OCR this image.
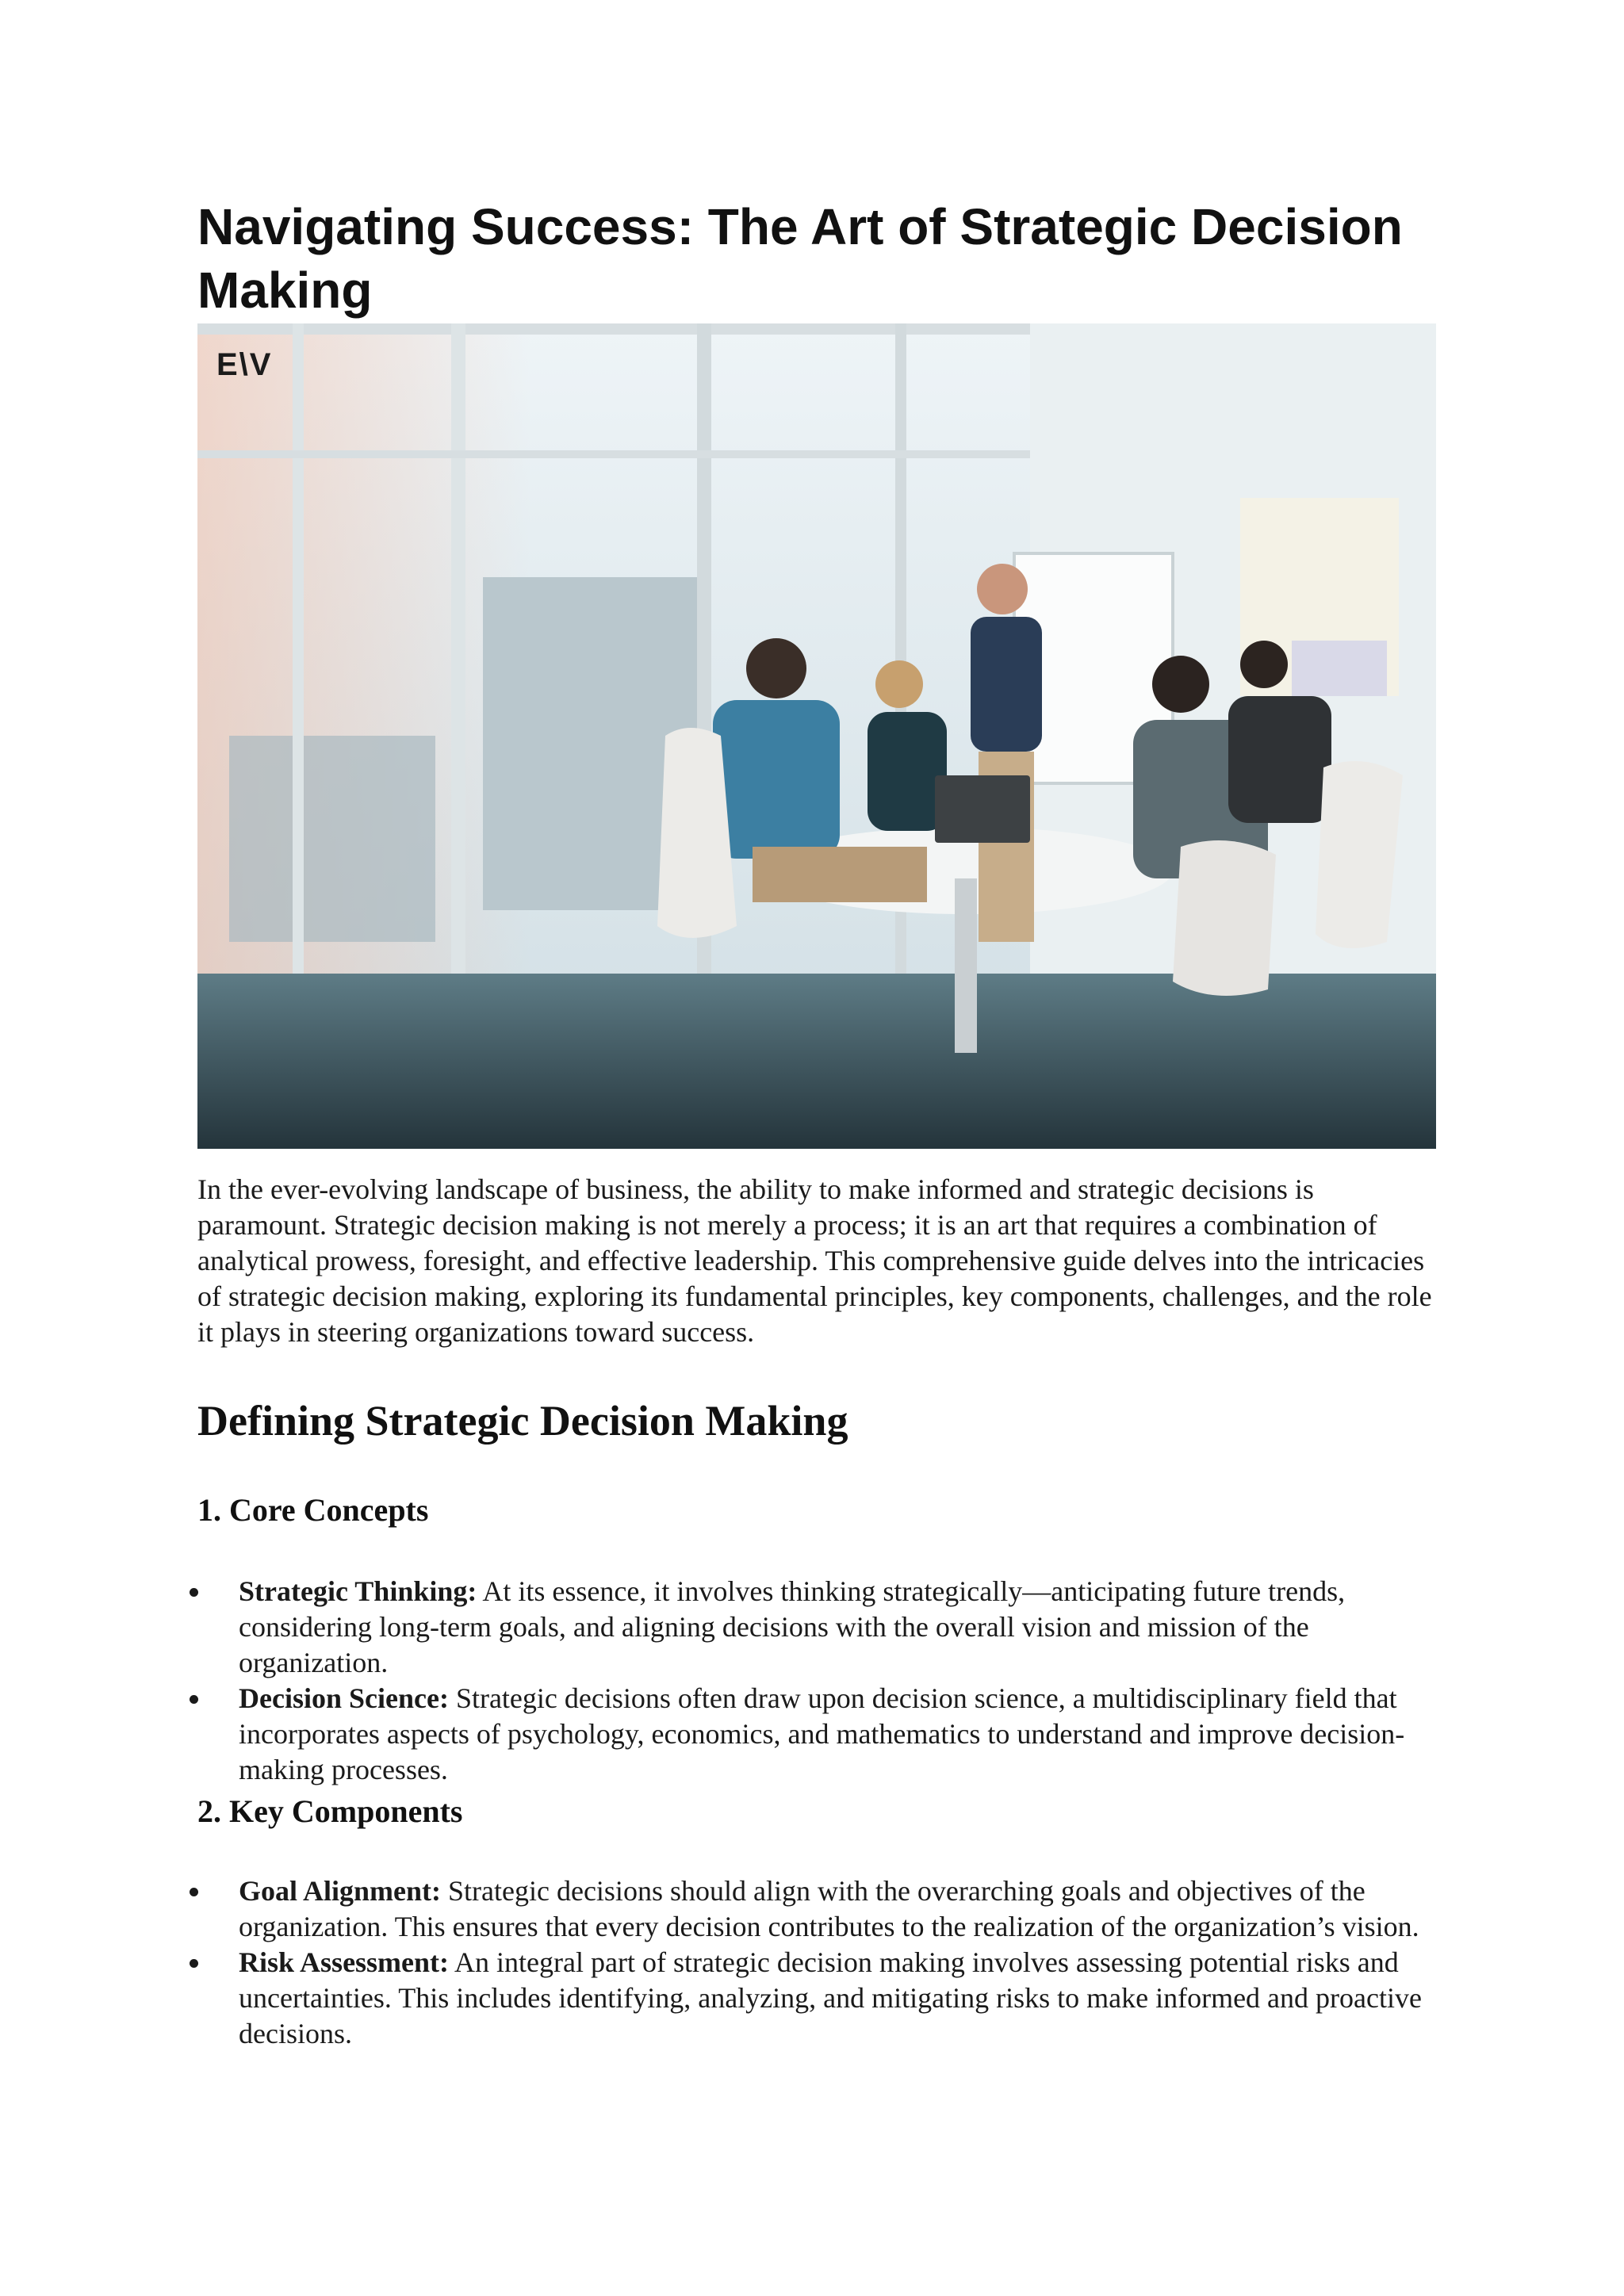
Navigating Success: The Art of Strategic Decision Making
E\V

In the ever-evolving landscape of business, the ability to make informed and strategic decisions is paramount. Strategic decision making is not merely a process; it is an art that requires a combination of analytical prowess, foresight, and effective leadership. This comprehensive guide delves into the intricacies of strategic decision making, exploring its fundamental principles, key components, challenges, and the role it plays in steering organizations toward success.

Defining Strategic Decision Making
1. Core Concepts
Strategic Thinking: At its essence, it involves thinking strategically—anticipating future trends, considering long-term goals, and aligning decisions with the overall vision and mission of the organization.
Decision Science: Strategic decisions often draw upon decision science, a multidisciplinary field that incorporates aspects of psychology, economics, and mathematics to understand and improve decision-making processes.
2. Key Components
Goal Alignment: Strategic decisions should align with the overarching goals and objectives of the organization. This ensures that every decision contributes to the realization of the organization’s vision.
Risk Assessment: An integral part of strategic decision making involves assessing potential risks and uncertainties. This includes identifying, analyzing, and mitigating risks to make informed and proactive decisions.
